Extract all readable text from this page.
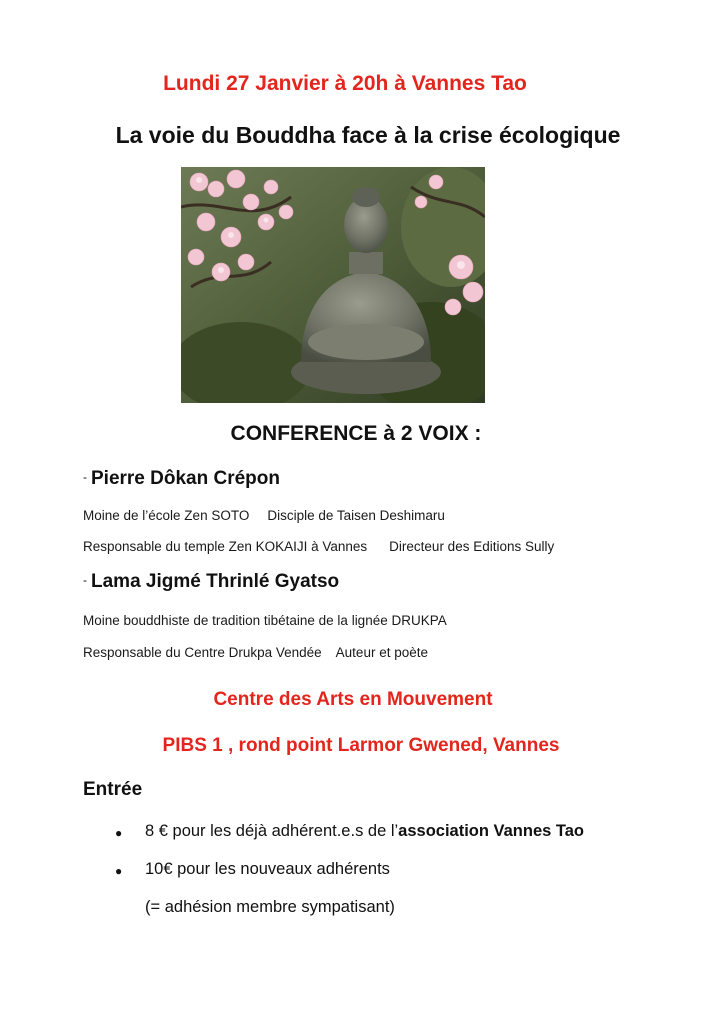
Lundi 27 Janvier à 20h à Vannes Tao
La voie du Bouddha face à la crise écologique
CONFERENCE à 2 VOIX :
- Pierre Dôkan Crépon
Moine de l’école Zen SOTO Disciple de Taisen Deshimaru
Responsable du temple Zen KOKAIJI à Vannes Directeur des Editions Sully
- Lama Jigmé Thrinlé Gyatso
Moine bouddhiste de tradition tibétaine de la lignée DRUKPA
Responsable du Centre Drukpa Vendée Auteur et poète
Centre des Arts en Mouvement
PIBS 1 , rond point Larmor Gwened, Vannes
Entrée
● 8 € pour les déjà adhérent.e.s de l’association Vannes Tao
● 10€ pour les nouveaux adhérents
(= adhésion membre sympatisant)
